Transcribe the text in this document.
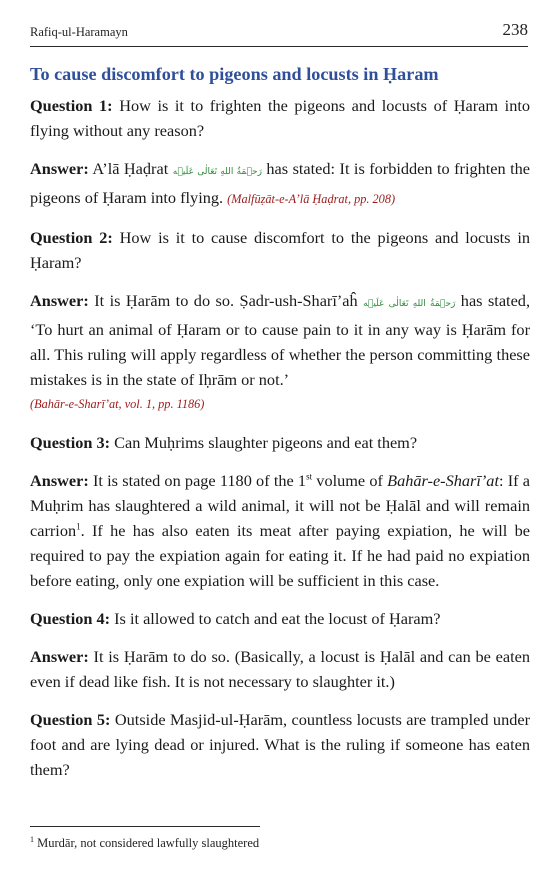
Rafiq-ul-Haramayn	238
To cause discomfort to pigeons and locusts in Ḥaram

Question 1: How is it to frighten the pigeons and locusts of Ḥaram into flying without any reason?

Answer: A’lā Ḥaḍrat رَحۡمَةُ اللهِ تَعَالٰی عَلَيۡه has stated: It is forbidden to frighten the pigeons of Ḥaram into flying. (Malfūẓāt-e-A’lā Ḥaḍrat, pp. 208)

Question 2: How is it to cause discomfort to the pigeons and locusts in Ḥaram?

Answer: It is Ḥarām to do so. Ṣadr-ush-Sharī’aĥ رَحۡمَةُ اللهِ تَعَالٰی عَلَيۡه has stated, ‘To hurt an animal of Ḥaram or to cause pain to it in any way is Ḥarām for all. This ruling will apply regardless of whether the person committing these mistakes is in the state of Iḥrām or not.’
(Bahār-e-Sharī’at, vol. 1, pp. 1186)

Question 3: Can Muḥrims slaughter pigeons and eat them?

Answer: It is stated on page 1180 of the 1st volume of Bahār-e-Sharī’at: If a Muḥrim has slaughtered a wild animal, it will not be Ḥalāl and will remain carrion$^1$. If he has also eaten its meat after paying expiation, he will be required to pay the expiation again for eating it. If he had paid no expiation before eating, only one expiation will be sufficient in this case.

Question 4: Is it allowed to catch and eat the locust of Ḥaram?

Answer: It is Ḥarām to do so. (Basically, a locust is Ḥalāl and can be eaten even if dead like fish. It is not necessary to slaughter it.)

Question 5: Outside Masjid-ul-Ḥarām, countless locusts are trampled under foot and are lying dead or injured. What is the ruling if someone has eaten them?

$^1$ Murdār, not considered lawfully slaughtered
